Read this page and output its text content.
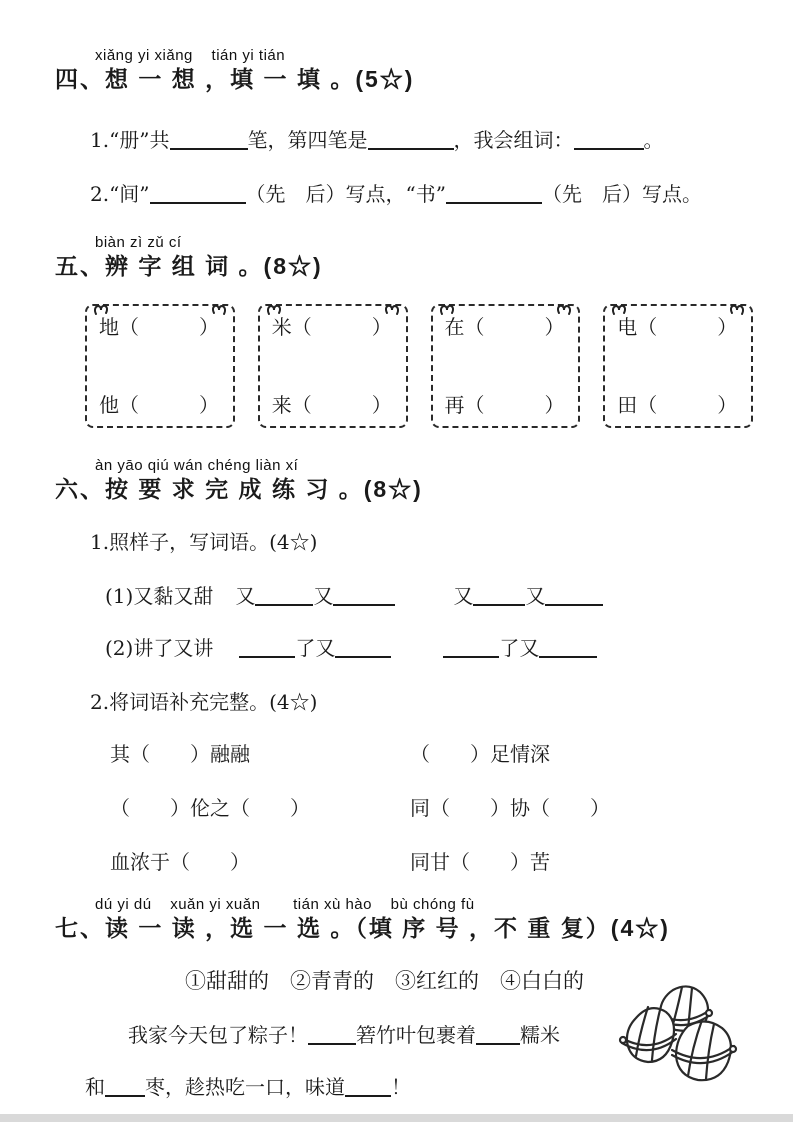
xiǎng yi xiǎng    tián yi tián
四、想 一 想 ，填 一 填 。(5☆)
1.“册”共	笔，第四笔是	，我会组词：	。
2.“间”	（先　后）写点，“书”	（先　后）写点。
biàn zì zǔ cí
五、辨 字 组 词 。(8☆)
地（　　　）
他（　　　）
米（　　　）
来（　　　）
在（　　　）
再（　　　）
电（　　　）
田（　　　）
àn yāo qiú wán chéng liàn xí
六、按 要 求 完 成 练 习 。(8☆)
1.照样子，写词语。(4☆)
(1)又黏又甜 又	又	又	又
(2)讲了又讲	了又	了又
2.将词语补充完整。(4☆)
其（　　）融融	（　　）足情深
（　　）伦之（　　）	同（　　）协（　　）
血浓于（　　）	同甘（　　）苦
dú yi dú    xuǎn yi xuǎn       tián xù hào    bù chóng fù
七、读 一 读 ，选 一 选 。（填 序 号 ，不 重 复）(4☆)
①甜甜的　②青青的　③红红的　④白白的
我家今天包了粽子！ 箬竹叶包裹着 糯米
和 枣，趁热吃一口，味道 ！
